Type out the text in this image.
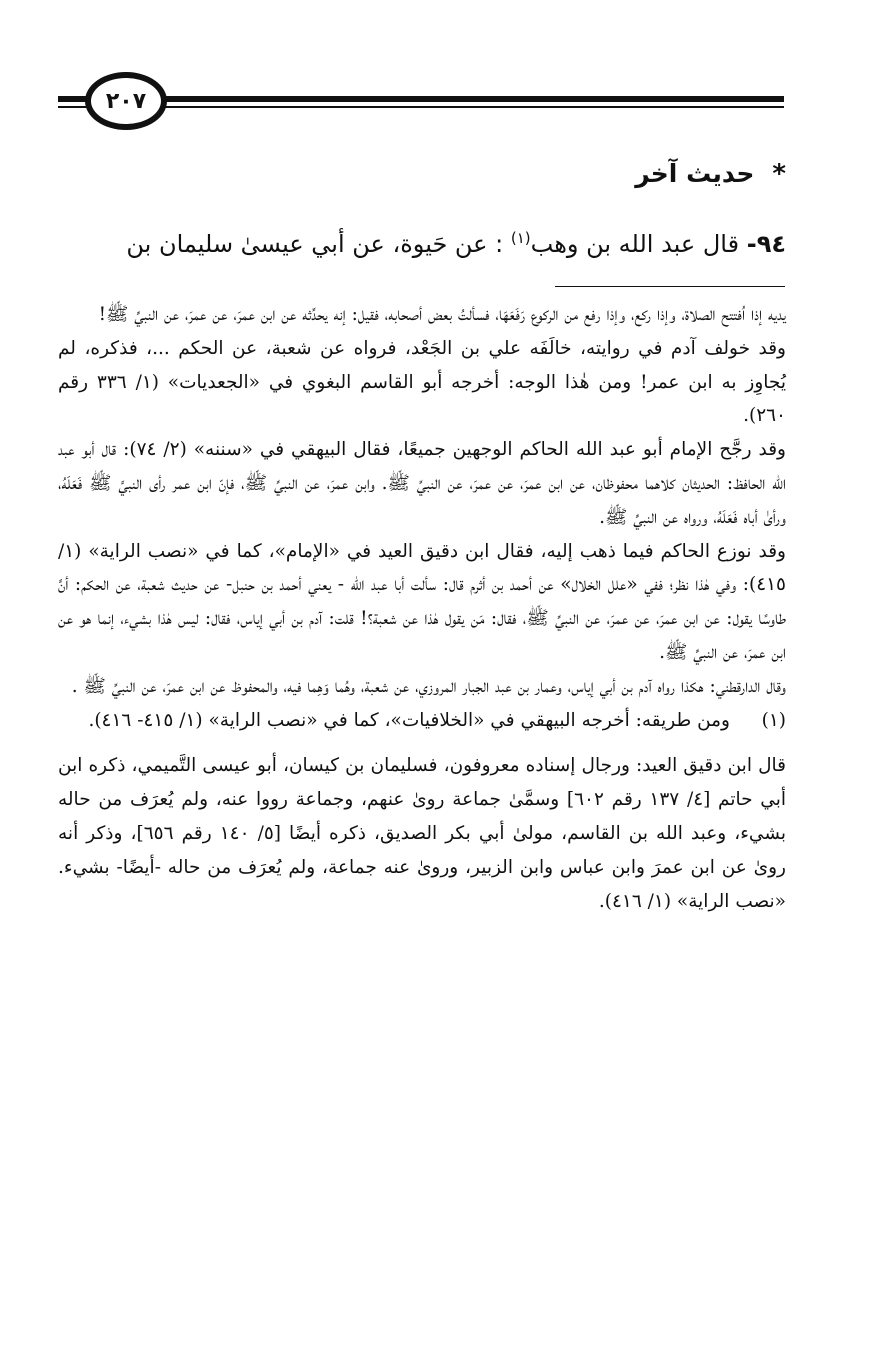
٢٠٧
*حديث آخر
٩٤- قال عبد الله بن وهب$^{(١)}$ : عن حَيوة، عن أبي عيسىٰ سليمان بن

يديه إذا اُفتتح الصلاة، وإذا ركع، وإذا رفع من الركوع رَفَعَهَا، فسألتُ بعض أصحابه، فقيل: إنه يحدِّثه عن ابن عمرَ، عن عمرَ، عن النبيِّ ﷺ!

وقد خولف آدم في روايته، خالَفَه علي بن الجَعْد، فرواه عن شعبة، عن الحكم ...، فذكره، لم يُجاوِز به ابن عمر! ومن هٰذا الوجه: أخرجه أبو القاسم البغوي في «الجعديات» (١/ ٣٣٦ رقم ٢٦٠).

وقد رجَّح الإمام أبو عبد الله الحاكم الوجهين جميعًا، فقال البيهقي في «سننه» (٢/ ٧٤): قال أبو عبد الله الحافظ: الحديثان كلاهما محفوظان، عن ابن عمرَ، عن عمرَ، عن النبيِّ ﷺ. وابن عمرَ، عن النبيِّ ﷺ، فإنّ ابن عمر رأى النبيَّ ﷺ فَعَلَهُ، ورأىٰ أباه فَعَلَهُ، ورواه عن النبيِّ ﷺ.

وقد نوزع الحاكم فيما ذهب إليه، فقال ابن دقيق العيد في «الإمام»، كما في «نصب الراية» (١/ ٤١٥): وفي هٰذا نظر؛ ففي «علل الخلال» عن أحمد بن أثرم قال: سألت أبا عبد الله - يعني أحمد بن حنبل- عن حديث شعبة، عن الحكم: أنَّ طاوسًا يقول: عن ابن عمرَ، عن عمرَ، عن النبيِّ ﷺ، فقال: مَن يقول هٰذا عن شعبة؟! قلت: آدم بن أبي إياس، فقال: ليس هٰذا بشيء، إنما هو عن ابن عمرَ، عن النبيِّ ﷺ.

وقال الدارقطني: هكذا رواه آدم بن أبي إياس، وعمار بن عبد الجبار المروزي، عن شعبة، وهُما وَهِما فيه، والمحفوظ عن ابن عمرَ، عن النبيِّ ﷺ .

(١)
ومن طريقه: أخرجه البيهقي في «الخلافيات»، كما في «نصب الراية» (١/ ٤١٥- ٤١٦).

قال ابن دقيق العيد: ورجال إسناده معروفون، فسليمان بن كيسان، أبو عيسى التَّميمي، ذكره ابن أبي حاتم [٤/ ١٣٧ رقم ٦٠٢] وسمَّىٰ جماعة روىٰ عنهم، وجماعة رووا عنه، ولم يُعرَف من حاله بشيء، وعبد الله بن القاسم، مولىٰ أبي بكر الصديق، ذكره أيضًا [٥/ ١٤٠ رقم ٦٥٦]، وذكر أنه روىٰ عن ابن عمرَ وابن عباس وابن الزبير، وروىٰ عنه جماعة، ولم يُعرَف من حاله -أيضًا- بشيء. «نصب الراية» (١/ ٤١٦).
